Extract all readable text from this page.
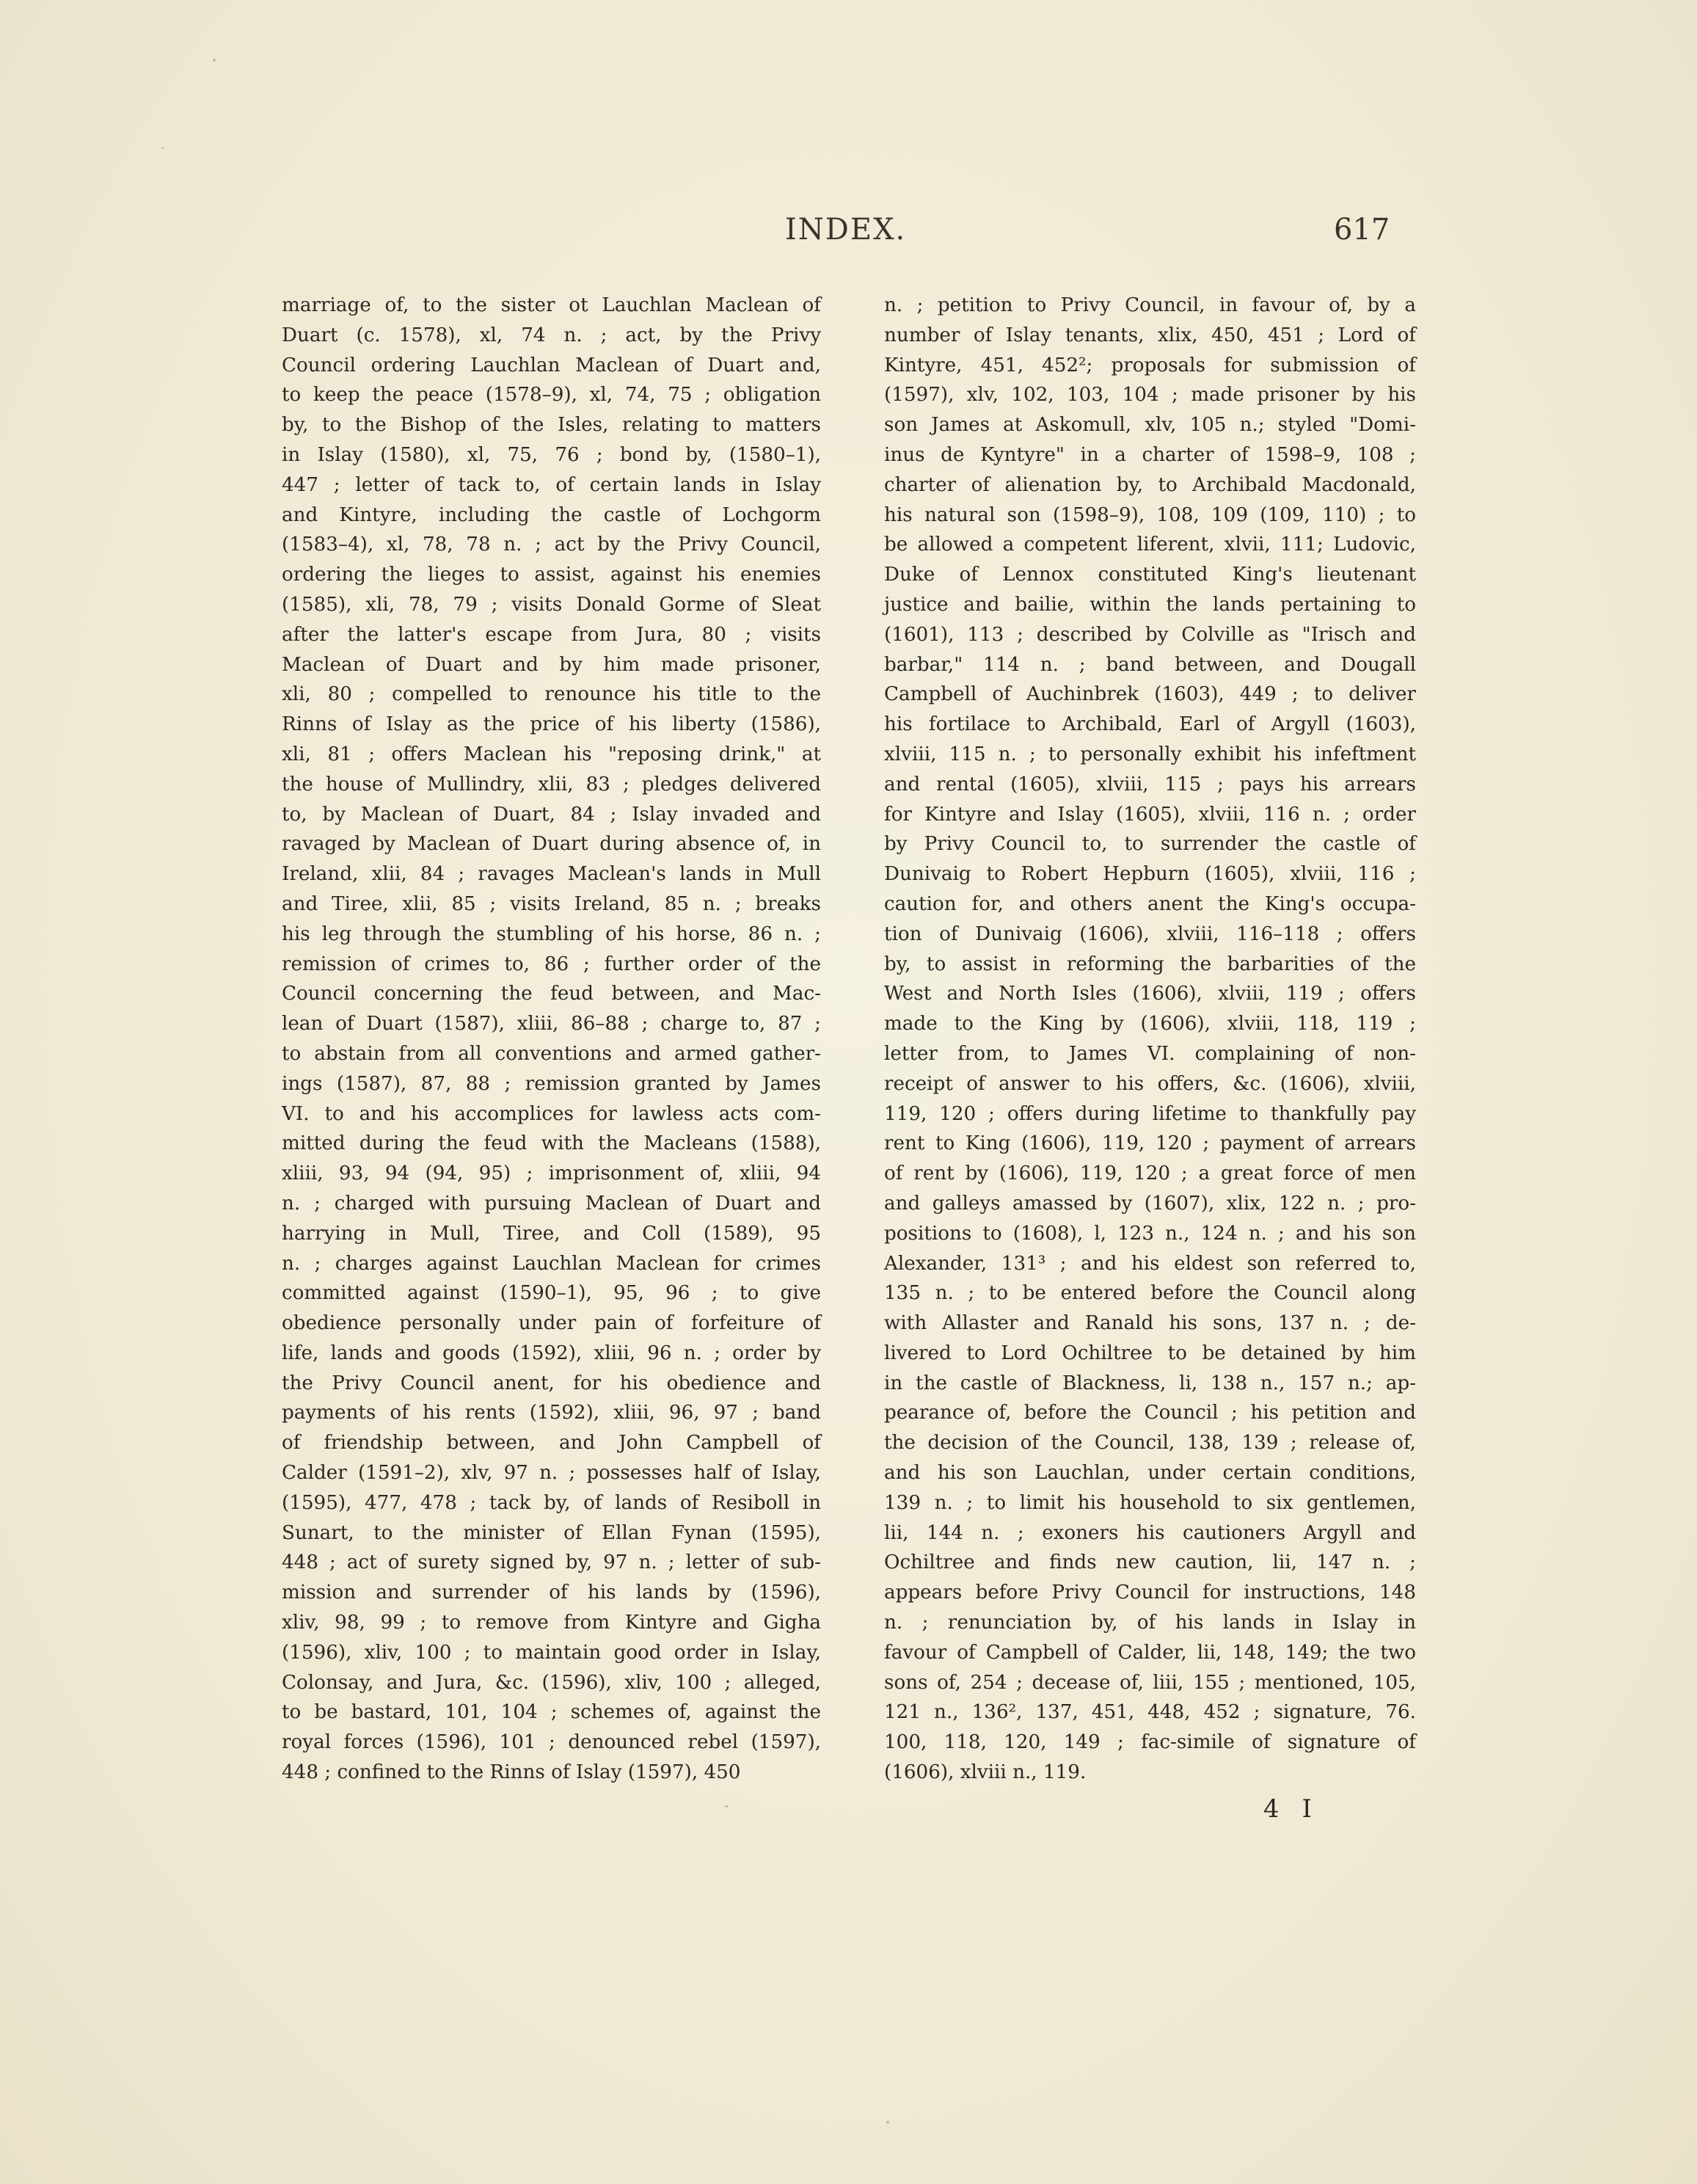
INDEX.	617
marriage of, to the sister ot Lauchlan Maclean of
Duart (c. 1578), xl, 74 n. ; act, by the Privy
Council ordering Lauchlan Maclean of Duart and,
to keep the peace (1578–9), xl, 74, 75 ; obligation
by, to the Bishop of the Isles, relating to matters
in Islay (1580), xl, 75, 76 ; bond by, (1580–1),
447 ; letter of tack to, of certain lands in Islay
and Kintyre, including the castle of Lochgorm
(1583–4), xl, 78, 78 n. ; act by the Privy Council,
ordering the lieges to assist, against his enemies
(1585), xli, 78, 79 ; visits Donald Gorme of Sleat
after the latter's escape from Jura, 80 ; visits
Maclean of Duart and by him made prisoner,
xli, 80 ; compelled to renounce his title to the
Rinns of Islay as the price of his liberty (1586),
xli, 81 ; offers Maclean his "reposing drink," at
the house of Mullindry, xlii, 83 ; pledges delivered
to, by Maclean of Duart, 84 ; Islay invaded and
ravaged by Maclean of Duart during absence of, in
Ireland, xlii, 84 ; ravages Maclean's lands in Mull
and Tiree, xlii, 85 ; visits Ireland, 85 n. ; breaks
his leg through the stumbling of his horse, 86 n. ;
remission of crimes to, 86 ; further order of the
Council concerning the feud between, and Mac-
lean of Duart (1587), xliii, 86–88 ; charge to, 87 ;
to abstain from all conventions and armed gather-
ings (1587), 87, 88 ; remission granted by James
VI. to and his accomplices for lawless acts com-
mitted during the feud with the Macleans (1588),
xliii, 93, 94 (94, 95) ; imprisonment of, xliii, 94
n. ; charged with pursuing Maclean of Duart and
harrying in Mull, Tiree, and Coll (1589), 95
n. ; charges against Lauchlan Maclean for crimes
committed against (1590–1), 95, 96 ; to give
obedience personally under pain of forfeiture of
life, lands and goods (1592), xliii, 96 n. ; order by
the Privy Council anent, for his obedience and
payments of his rents (1592), xliii, 96, 97 ; band
of friendship between, and John Campbell of
Calder (1591–2), xlv, 97 n. ; possesses half of Islay,
(1595), 477, 478 ; tack by, of lands of Resiboll in
Sunart, to the minister of Ellan Fynan (1595),
448 ; act of surety signed by, 97 n. ; letter of sub-
mission and surrender of his lands by (1596),
xliv, 98, 99 ; to remove from Kintyre and Gigha
(1596), xliv, 100 ; to maintain good order in Islay,
Colonsay, and Jura, &c. (1596), xliv, 100 ; alleged,
to be bastard, 101, 104 ; schemes of, against the
royal forces (1596), 101 ; denounced rebel (1597),
448 ; confined to the Rinns of Islay (1597), 450
n. ; petition to Privy Council, in favour of, by a
number of Islay tenants, xlix, 450, 451 ; Lord of
Kintyre, 451, 452²; proposals for submission of
(1597), xlv, 102, 103, 104 ; made prisoner by his
son James at Askomull, xlv, 105 n.; styled "Domi-
inus de Kyntyre" in a charter of 1598–9, 108 ;
charter of alienation by, to Archibald Macdonald,
his natural son (1598–9), 108, 109 (109, 110) ; to
be allowed a competent liferent, xlvii, 111; Ludovic,
Duke of Lennox constituted King's lieutenant
justice and bailie, within the lands pertaining to
(1601), 113 ; described by Colville as "Irisch and
barbar," 114 n. ; band between, and Dougall
Campbell of Auchinbrek (1603), 449 ; to deliver
his fortilace to Archibald, Earl of Argyll (1603),
xlviii, 115 n. ; to personally exhibit his infeftment
and rental (1605), xlviii, 115 ; pays his arrears
for Kintyre and Islay (1605), xlviii, 116 n. ; order
by Privy Council to, to surrender the castle of
Dunivaig to Robert Hepburn (1605), xlviii, 116 ;
caution for, and others anent the King's occupa-
tion of Dunivaig (1606), xlviii, 116–118 ; offers
by, to assist in reforming the barbarities of the
West and North Isles (1606), xlviii, 119 ; offers
made to the King by (1606), xlviii, 118, 119 ;
letter from, to James VI. complaining of non-
receipt of answer to his offers, &c. (1606), xlviii,
119, 120 ; offers during lifetime to thankfully pay
rent to King (1606), 119, 120 ; payment of arrears
of rent by (1606), 119, 120 ; a great force of men
and galleys amassed by (1607), xlix, 122 n. ; pro-
positions to (1608), l, 123 n., 124 n. ; and his son
Alexander, 131³ ; and his eldest son referred to,
135 n. ; to be entered before the Council along
with Allaster and Ranald his sons, 137 n. ; de-
livered to Lord Ochiltree to be detained by him
in the castle of Blackness, li, 138 n., 157 n.; ap-
pearance of, before the Council ; his petition and
the decision of the Council, 138, 139 ; release of,
and his son Lauchlan, under certain conditions,
139 n. ; to limit his household to six gentlemen,
lii, 144 n. ; exoners his cautioners Argyll and
Ochiltree and finds new caution, lii, 147 n. ;
appears before Privy Council for instructions, 148
n. ; renunciation by, of his lands in Islay in
favour of Campbell of Calder, lii, 148, 149; the two
sons of, 254 ; decease of, liii, 155 ; mentioned, 105,
121 n., 136², 137, 451, 448, 452 ; signature, 76.
100, 118, 120, 149 ; fac-simile of signature of
(1606), xlviii n., 119.
4 I
